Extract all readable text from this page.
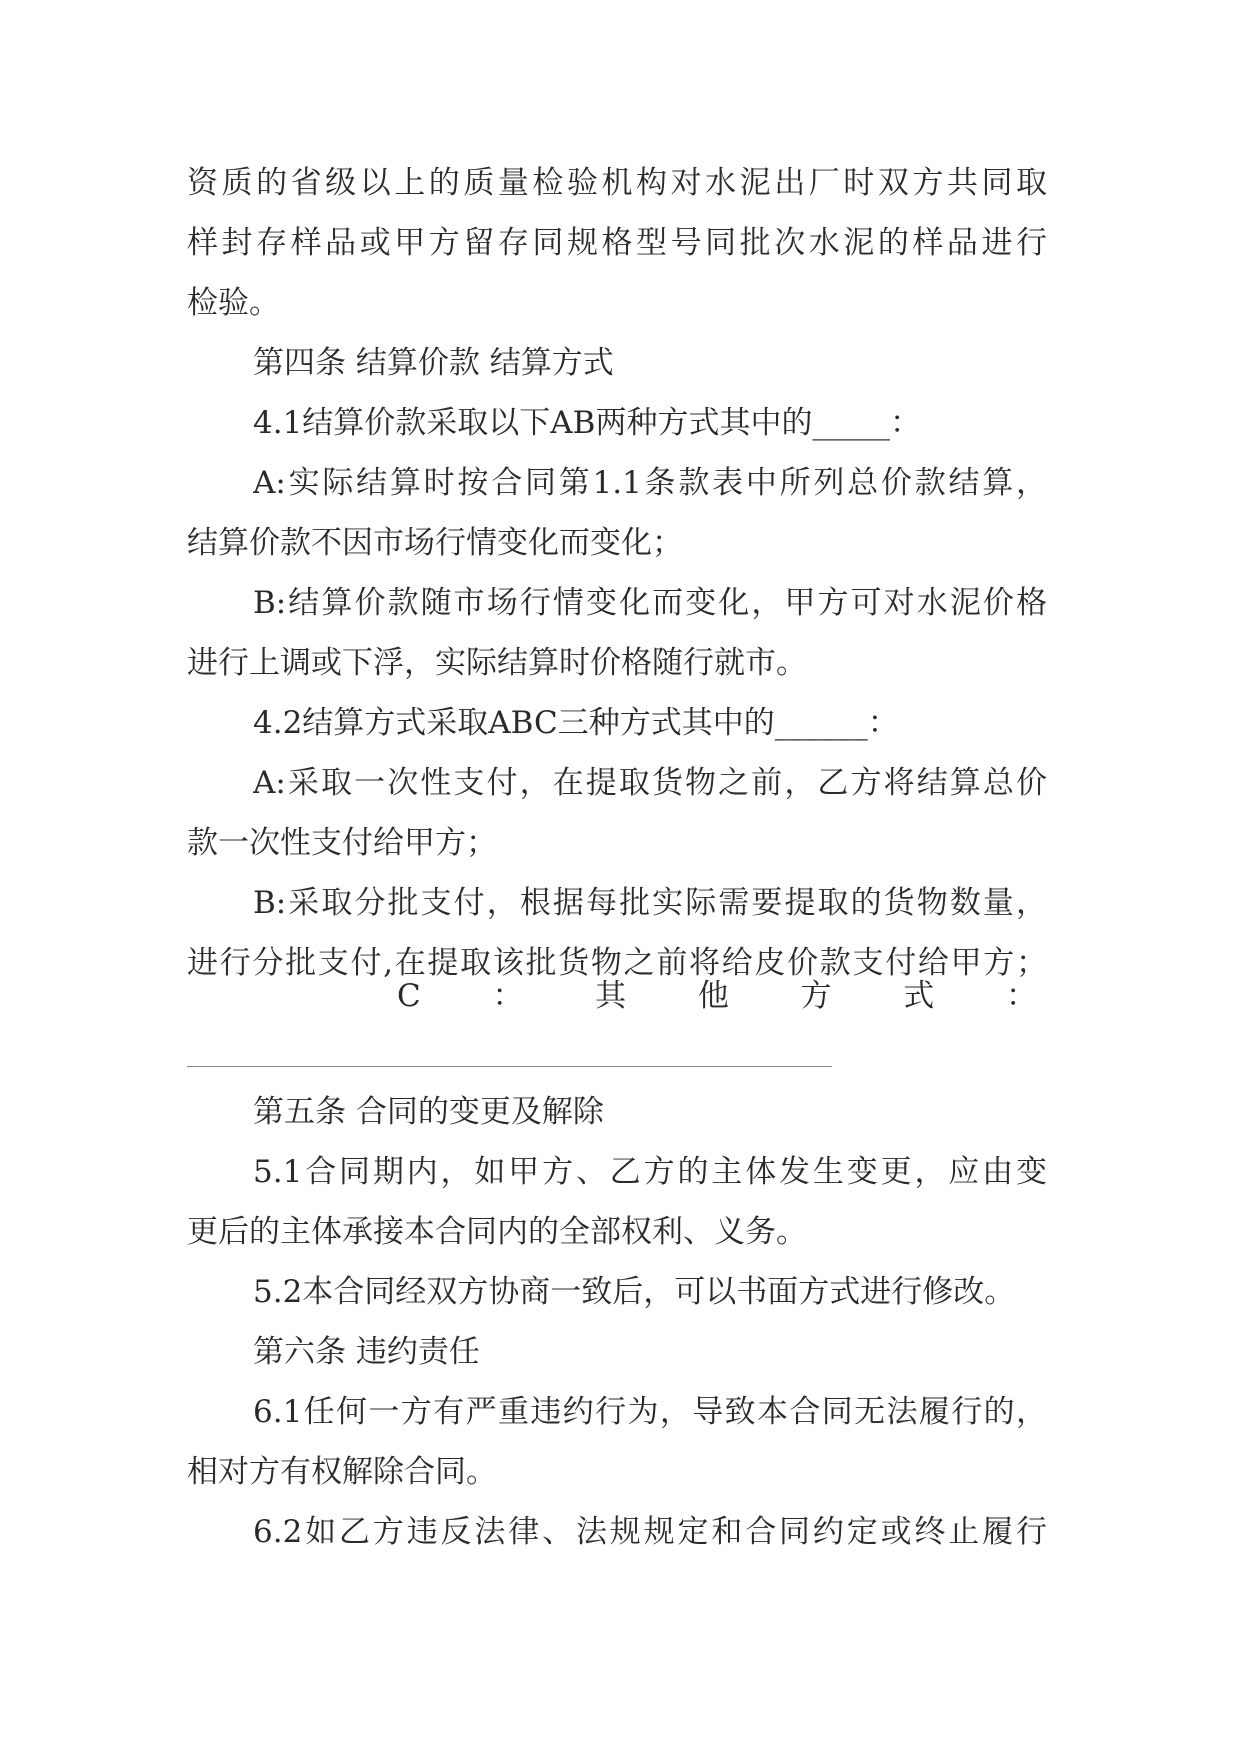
资质的省级以上的质量检验机构对水泥出厂时双方共同取
样封存样品或甲方留存同规格型号同批次水泥的样品进行
检验。
第四条 结算价款 结算方式
4.1结算价款采取以下AB两种方式其中的_____：
A:实际结算时按合同第1.1条款表中所列总价款结算，
结算价款不因市场行情变化而变化；
B:结算价款随市场行情变化而变化，甲方可对水泥价格
进行上调或下浮，实际结算时价格随行就市。
4.2结算方式采取ABC三种方式其中的______：
A:采取一次性支付，在提取货物之前，乙方将结算总价
款一次性支付给甲方；
B:采取分批支付，根据每批实际需要提取的货物数量，
进行分批支付,在提取该批货物之前将给皮价款支付给甲方；
C ： 其 他 方 式 ：
第五条 合同的变更及解除
5.1合同期内，如甲方、乙方的主体发生变更，应由变
更后的主体承接本合同内的全部权利、义务。
5.2本合同经双方协商一致后，可以书面方式进行修改。
第六条 违约责任
6.1任何一方有严重违约行为，导致本合同无法履行的，
相对方有权解除合同。
6.2如乙方违反法律、法规规定和合同约定或终止履行
